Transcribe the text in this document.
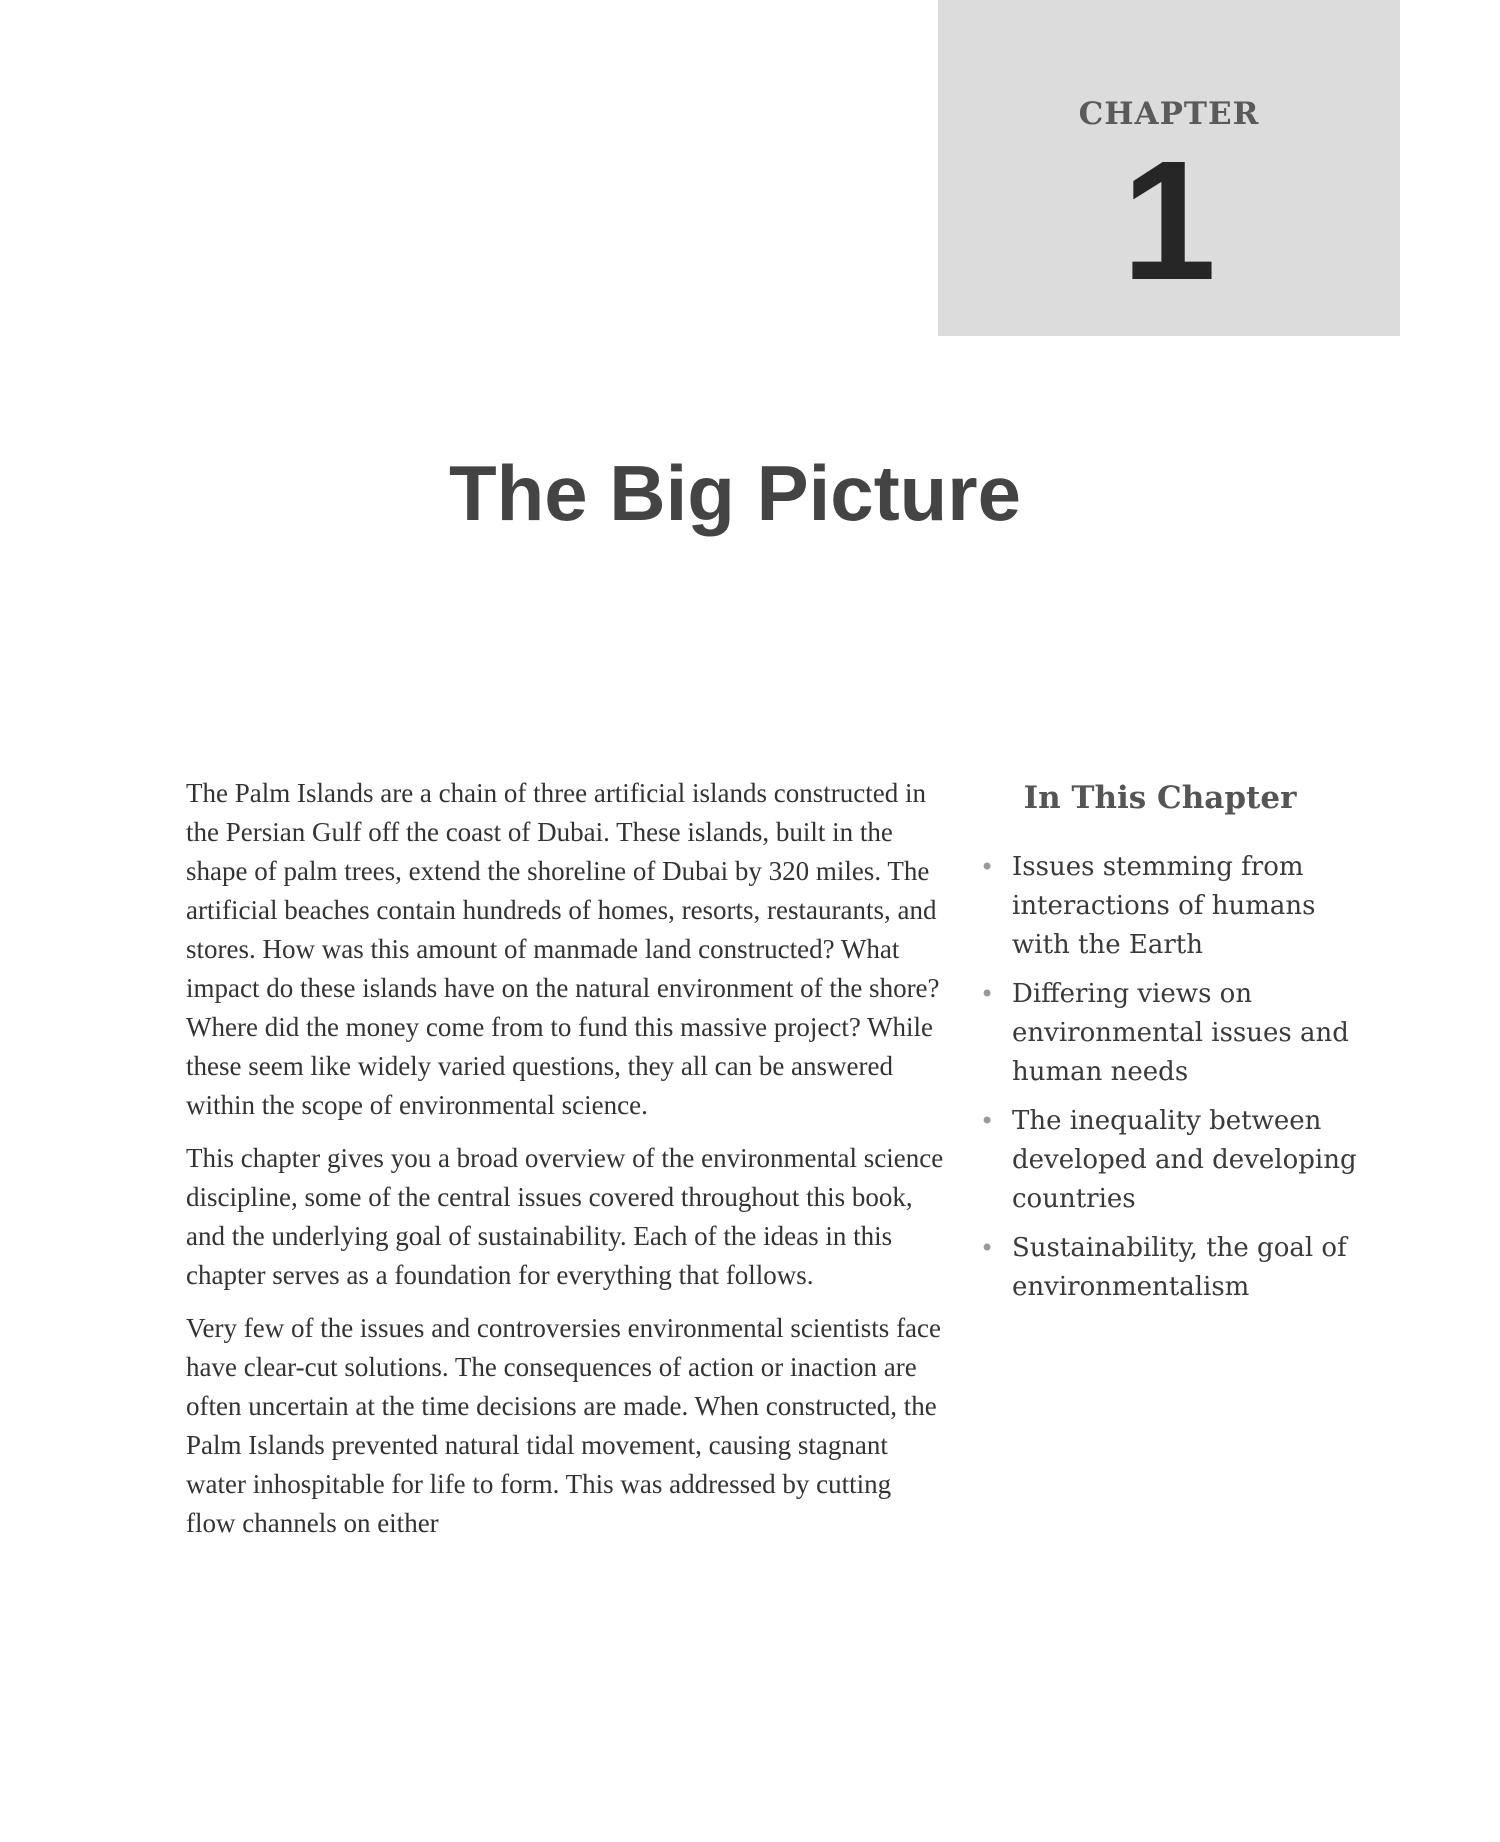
CHAPTER
1
The Big Picture

The Palm Islands are a chain of three artificial islands constructed in the Persian Gulf off the coast of Dubai. These islands, built in the shape of palm trees, extend the shoreline of Dubai by 320 miles. The artificial beaches contain hundreds of homes, resorts, restaurants, and stores. How was this amount of manmade land constructed? What impact do these islands have on the natural environment of the shore? Where did the money come from to fund this massive project? While these seem like widely varied questions, they all can be answered within the scope of environmental science.

This chapter gives you a broad overview of the environmental science discipline, some of the central issues covered throughout this book, and the underlying goal of sustainability. Each of the ideas in this chapter serves as a foundation for everything that follows.

Very few of the issues and controversies environmental scientists face have clear-cut solutions. The consequences of action or inaction are often uncertain at the time decisions are made. When constructed, the Palm Islands prevented natural tidal movement, causing stagnant water inhospitable for life to form. This was addressed by cutting flow channels on either

In This Chapter
• Issues stemming from interactions of humans with the Earth
• Differing views on environmental issues and human needs
• The inequality between developed and developing countries
• Sustainability, the goal of environmentalism
